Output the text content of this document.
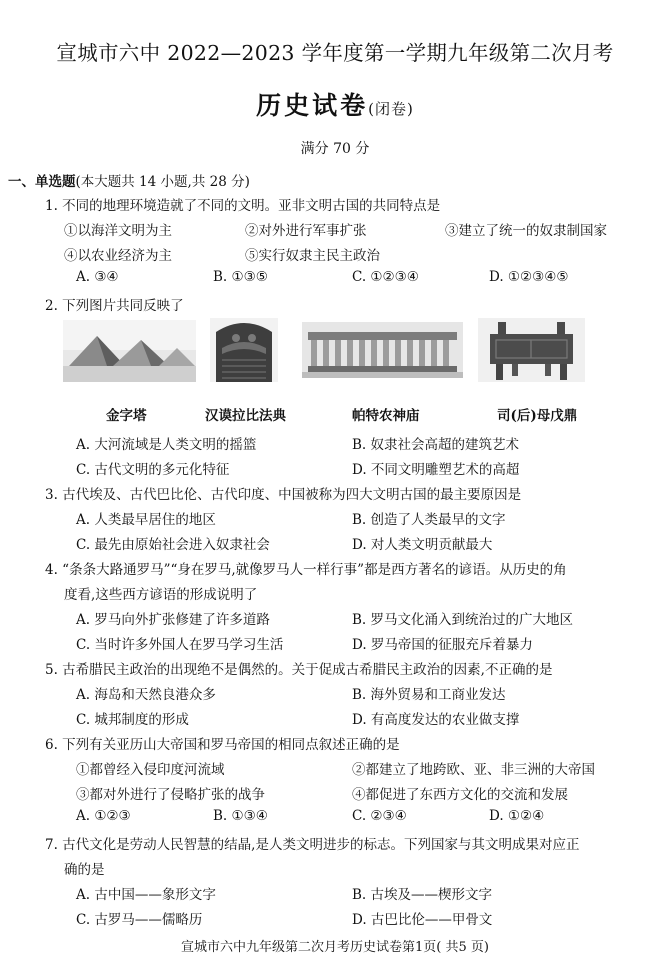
宣城市六中 2022—2023 学年度第一学期九年级第二次月考
历史试卷(闭卷)
满分 70 分
一、单选题(本大题共 14 小题,共 28 分)
1. 不同的地理环境造就了不同的文明。亚非文明古国的共同特点是
①以海洋文明为主	②对外进行军事扩张	③建立了统一的奴隶制国家
④以农业经济为主	⑤实行奴隶主民主政治
A. ③④	B. ①③⑤	C. ①②③④	D. ①②③④⑤
2. 下列图片共同反映了
金字塔	汉谟拉比法典	帕特农神庙	司(后)母戊鼎
A. 大河流域是人类文明的摇篮	B. 奴隶社会高超的建筑艺术
C. 古代文明的多元化特征	D. 不同文明雕塑艺术的高超
3. 古代埃及、古代巴比伦、古代印度、中国被称为四大文明古国的最主要原因是
A. 人类最早居住的地区	B. 创造了人类最早的文字
C. 最先由原始社会进入奴隶社会	D. 对人类文明贡献最大
4. “条条大路通罗马”“身在罗马,就像罗马人一样行事”都是西方著名的谚语。从历史的角
度看,这些西方谚语的形成说明了
A. 罗马向外扩张修建了许多道路	B. 罗马文化涌入到统治过的广大地区
C. 当时许多外国人在罗马学习生活	D. 罗马帝国的征服充斥着暴力
5. 古希腊民主政治的出现绝不是偶然的。关于促成古希腊民主政治的因素,不正确的是
A. 海岛和天然良港众多	B. 海外贸易和工商业发达
C. 城邦制度的形成	D. 有高度发达的农业做支撑
6. 下列有关亚历山大帝国和罗马帝国的相同点叙述正确的是
①都曾经入侵印度河流域	②都建立了地跨欧、亚、非三洲的大帝国
③都对外进行了侵略扩张的战争	④都促进了东西方文化的交流和发展
A. ①②③	B. ①③④	C. ②③④	D. ①②④
7. 古代文化是劳动人民智慧的结晶,是人类文明进步的标志。下列国家与其文明成果对应正
确的是
A. 古中国——象形文字	B. 古埃及——楔形文字
C. 古罗马——儒略历	D. 古巴比伦——甲骨文
宣城市六中九年级第二次月考历史试卷第1页( 共5 页)
